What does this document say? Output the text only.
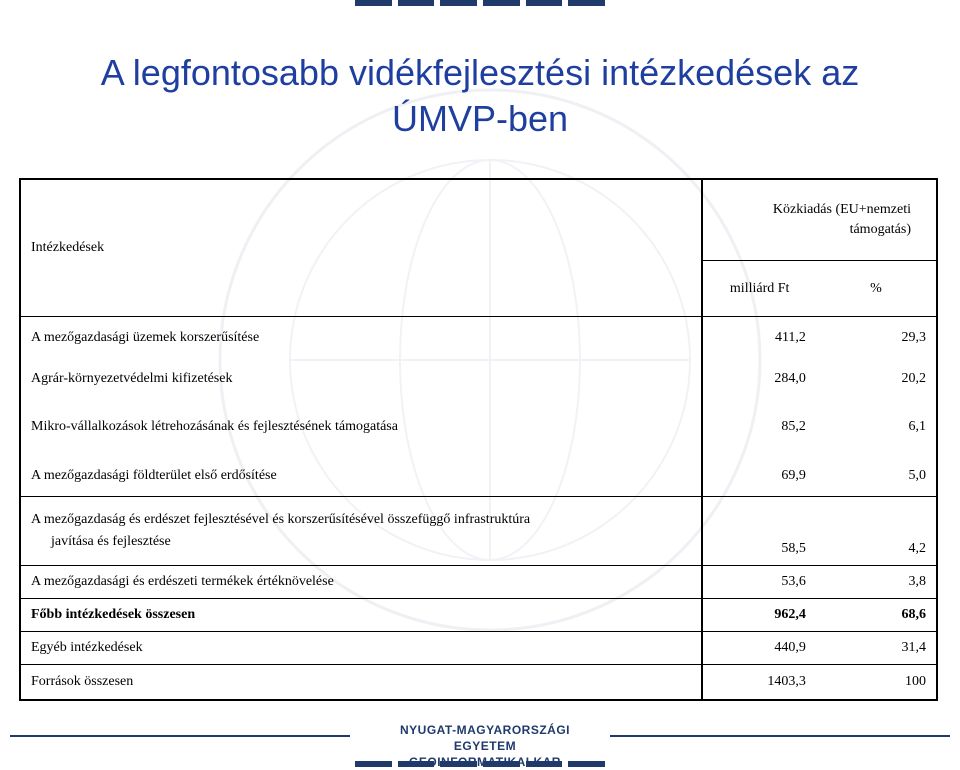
A legfontosabb vidékfejlesztési intézkedések az
ÚMVP-ben
Intézkedések	Közkiadás (EU+nemzeti
támogatás)	

	milliárd Ft	%
A mezőgazdasági üzemek korszerűsítése	411,2	29,3
Agrár-környezetvédelmi kifizetések	284,0	20,2
Mikro-vállalkozások létrehozásának és fejlesztésének támogatása	85,2	6,1
A mezőgazdasági földterület első erdősítése	69,9	5,0

A mezőgazdaság és erdészet fejlesztésével és korszerűsítésével összefüggő infrastruktúra
javítása és fejlesztése	58,5	4,2
A mezőgazdasági és erdészeti termékek értéknövelése	53,6	3,8
Főbb intézkedések összesen	962,4	68,6
Egyéb intézkedések	440,9	31,4
Források összesen	1403,3	100
NYUGAT-MAGYARORSZÁGI EGYETEM
